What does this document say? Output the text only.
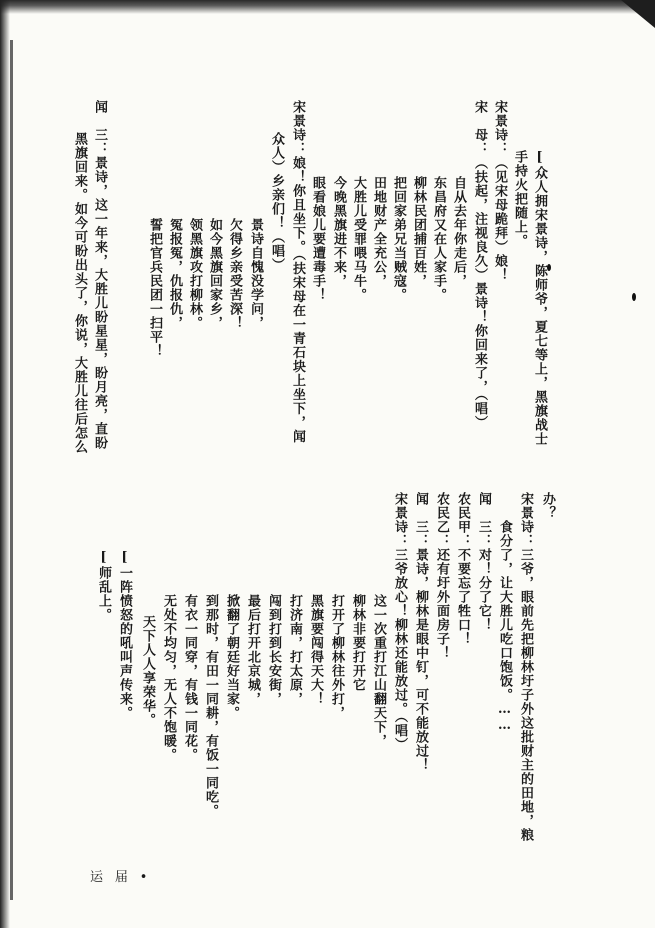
[众人拥宋景诗，陈师爷，夏七等上，黑旗战士
手持火把随上。
宋景诗：（见宋母跪拜）娘！
宋　母：（扶起，注视良久）景诗！你回来了，（唱）
自从去年你走后，
东昌府又在人家手。
柳林民团捕百姓，
把回家弟兄当贼寇。
田地财产全充公，
大胜儿受罪喂马牛。
今晚黑旗进不来，
眼看娘儿要遭毒手！
宋景诗：娘！你且坐下。（扶宋母在一青石块上坐下，闻
众人）乡亲们！（唱）
景诗自愧没学问，
欠得乡亲受苦深！
如今黑旗回家乡，
领黑旗攻打柳林。
冤报冤，仇报仇，
誓把官兵民团一扫平！
闻　三：景诗，这一年来，大胜儿盼星星，盼月亮，直盼
黑旗回来。如今可盼出头了，你说，大胜儿往后怎么
办？
宋景诗：三爷，眼前先把柳林圩子外这批财主的田地，粮
食分了，让大胜儿吃口饱饭。……
闻　三：对！分了它！
农民甲：不要忘了牲口！
农民乙：还有圩外面房子！
闻　三：景诗，柳林是眼中钉，可不能放过！
宋景诗：三爷放心！柳林还能放过。（唱）
这一次重打江山翻天下，
柳林非要打开它
打开了柳林往外打，
黑旗要闯得天大！
打济南，打太原，
闯到打到长安街，
最后打开北京城，
掀翻了朝廷好当家。
到那时，有田一同耕，有饭一同吃。
有衣一同穿，有钱一同花。
无处不均匀，无人不饱暖。
天下人人享荣华。
[一阵愤怒的吼叫声传来。
[师乱上。
运 届 •
